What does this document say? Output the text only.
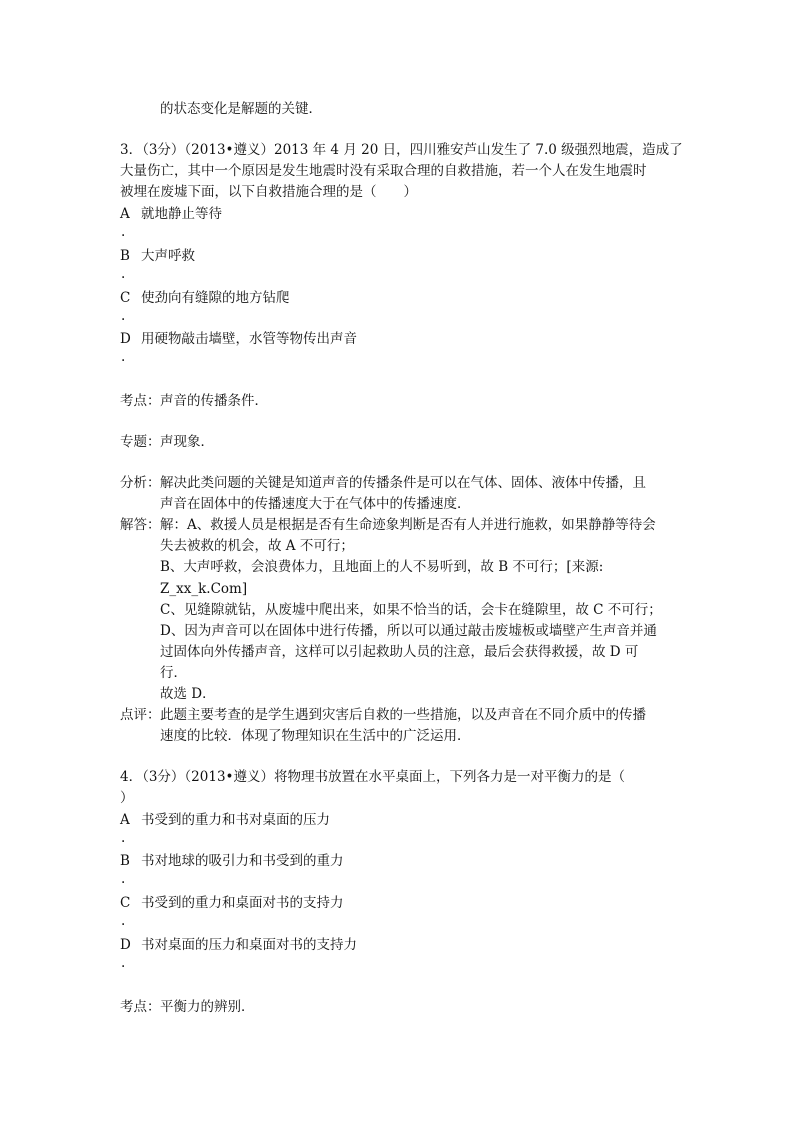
的状态变化是解题的关键．
3．（3分）（2013•遵义）2013 年 4 月 20 日，四川雅安芦山发生了 7.0 级强烈地震，造成了
大量伤亡，其中一个原因是发生地震时没有采取合理的自救措施，若一个人在发生地震时
被埋在废墟下面，以下自救措施合理的是（　　）
A 就地静止等待
.
B 大声呼救
.
C 使劲向有缝隙的地方钻爬
.
D 用硬物敲击墙壁，水管等物传出声音
.
考点： 声音的传播条件．
专题： 声现象．
分析： 解决此类问题的关键是知道声音的传播条件是可以在气体、固体、液体中传播，且
声音在固体中的传播速度大于在气体中的传播速度．
解答： 解：A、救援人员是根据是否有生命迹象判断是否有人并进行施救，如果静静等待会
失去被救的机会，故 A 不可行；
B、大声呼救，会浪费体力，且地面上的人不易听到，故 B 不可行；[来源:
Z_xx_k.Com]
C、见缝隙就钻，从废墟中爬出来，如果不恰当的话，会卡在缝隙里，故 C 不可行；
D、因为声音可以在固体中进行传播，所以可以通过敲击废墟板或墙壁产生声音并通
过固体向外传播声音，这样可以引起救助人员的注意，最后会获得救援，故 D 可
行．
故选 D．
点评： 此题主要考查的是学生遇到灾害后自救的一些措施，以及声音在不同介质中的传播
速度的比较．体现了物理知识在生活中的广泛运用．
4．（3分）（2013•遵义）将物理书放置在水平桌面上，下列各力是一对平衡力的是（
）
A 书受到的重力和书对桌面的压力
.
B 书对地球的吸引力和书受到的重力
.
C 书受到的重力和桌面对书的支持力
.
D 书对桌面的压力和桌面对书的支持力
.
考点： 平衡力的辨别．
